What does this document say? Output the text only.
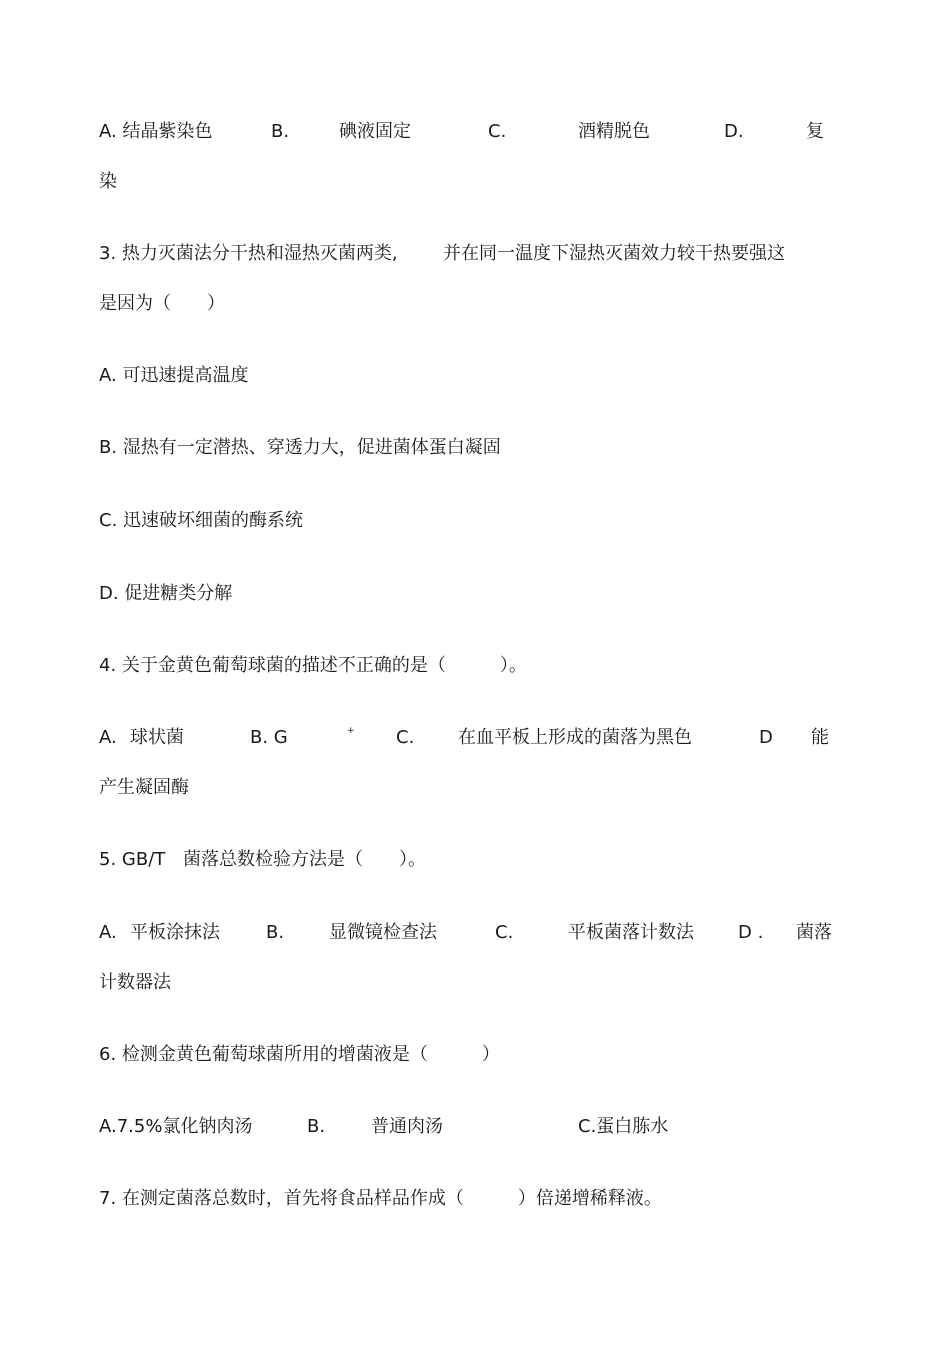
A. 结晶紫染色	B.	碘液固定	C.	酒精脱色	D.	复
染
3. 热力灭菌法分干热和湿热灭菌两类,	并在同一温度下湿热灭菌效力较干热要强这
是因为（　　）
A. 可迅速提高温度
B. 湿热有一定潜热、穿透力大，促进菌体蛋白凝固
C. 迅速破坏细菌的酶系统
D. 促进糖类分解
4. 关于金黄色葡萄球菌的描述不正确的是（　　　）。
A. 球状菌	B. G	+ C. 在血平板上形成的菌落为黑色	D 能
产生凝固酶
5. GB/T 菌落总数检验方法是（　　）。
A. 平板涂抹法	B. 显微镜检查法	C.	平板菌落计数法 D . 菌落
计数器法
6. 检测金黄色葡萄球菌所用的增菌液是（　　　）
A.7.5%氯化钠肉汤	B.	普通肉汤	C.蛋白胨水
7. 在测定菌落总数时，首先将食品样品作成（　　　）倍递增稀释液。
